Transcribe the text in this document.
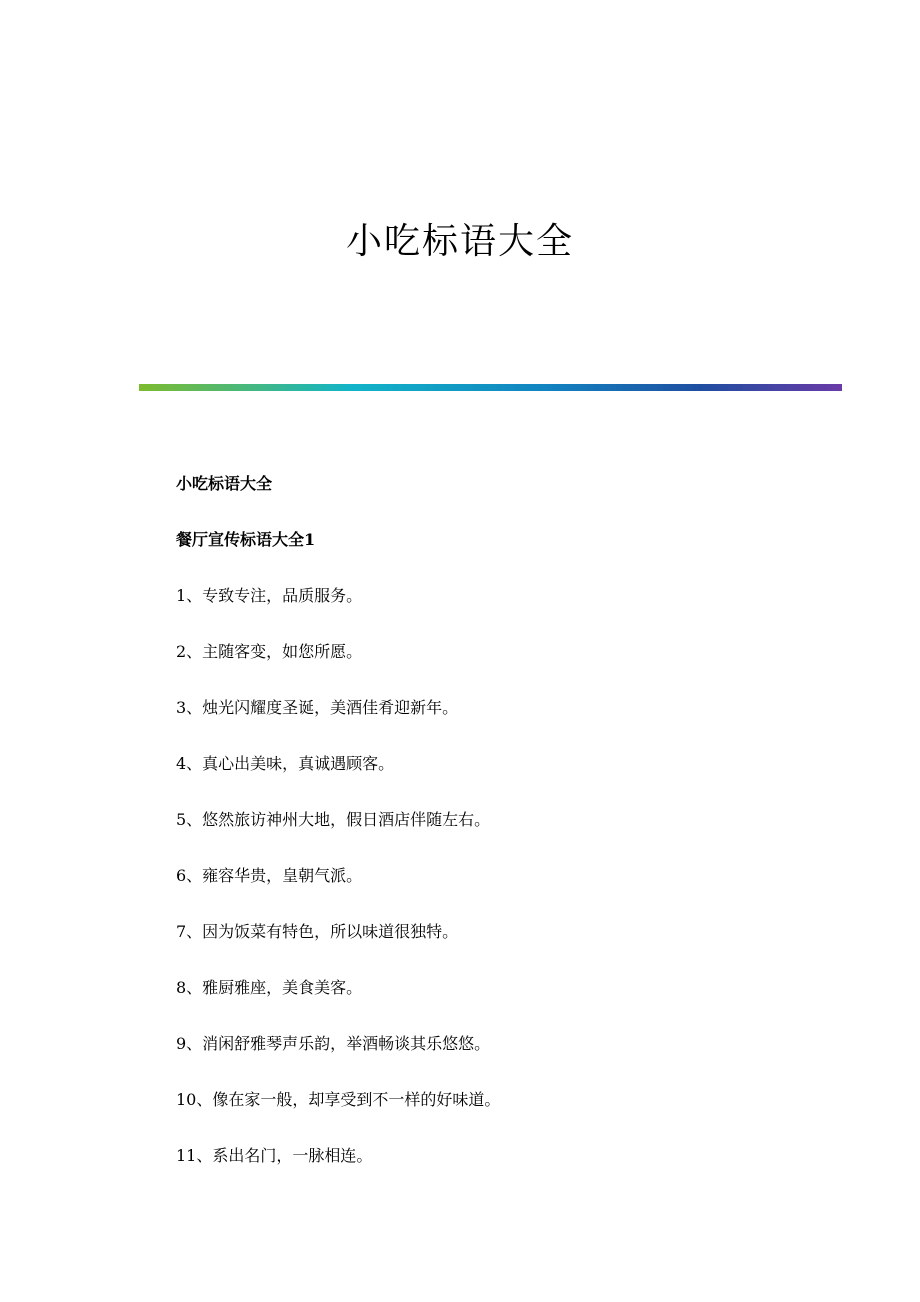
小吃标语大全
小吃标语大全
餐厅宣传标语大全1
1、专致专注，品质服务。
2、主随客变，如您所愿。
3、烛光闪耀度圣诞，美酒佳肴迎新年。
4、真心出美味，真诚遇顾客。
5、悠然旅访神州大地，假日酒店伴随左右。
6、雍容华贵，皇朝气派。
7、因为饭菜有特色，所以味道很独特。
8、雅厨雅座，美食美客。
9、消闲舒雅琴声乐韵，举酒畅谈其乐悠悠。
10、像在家一般，却享受到不一样的好味道。
11、系出名门，一脉相连。
